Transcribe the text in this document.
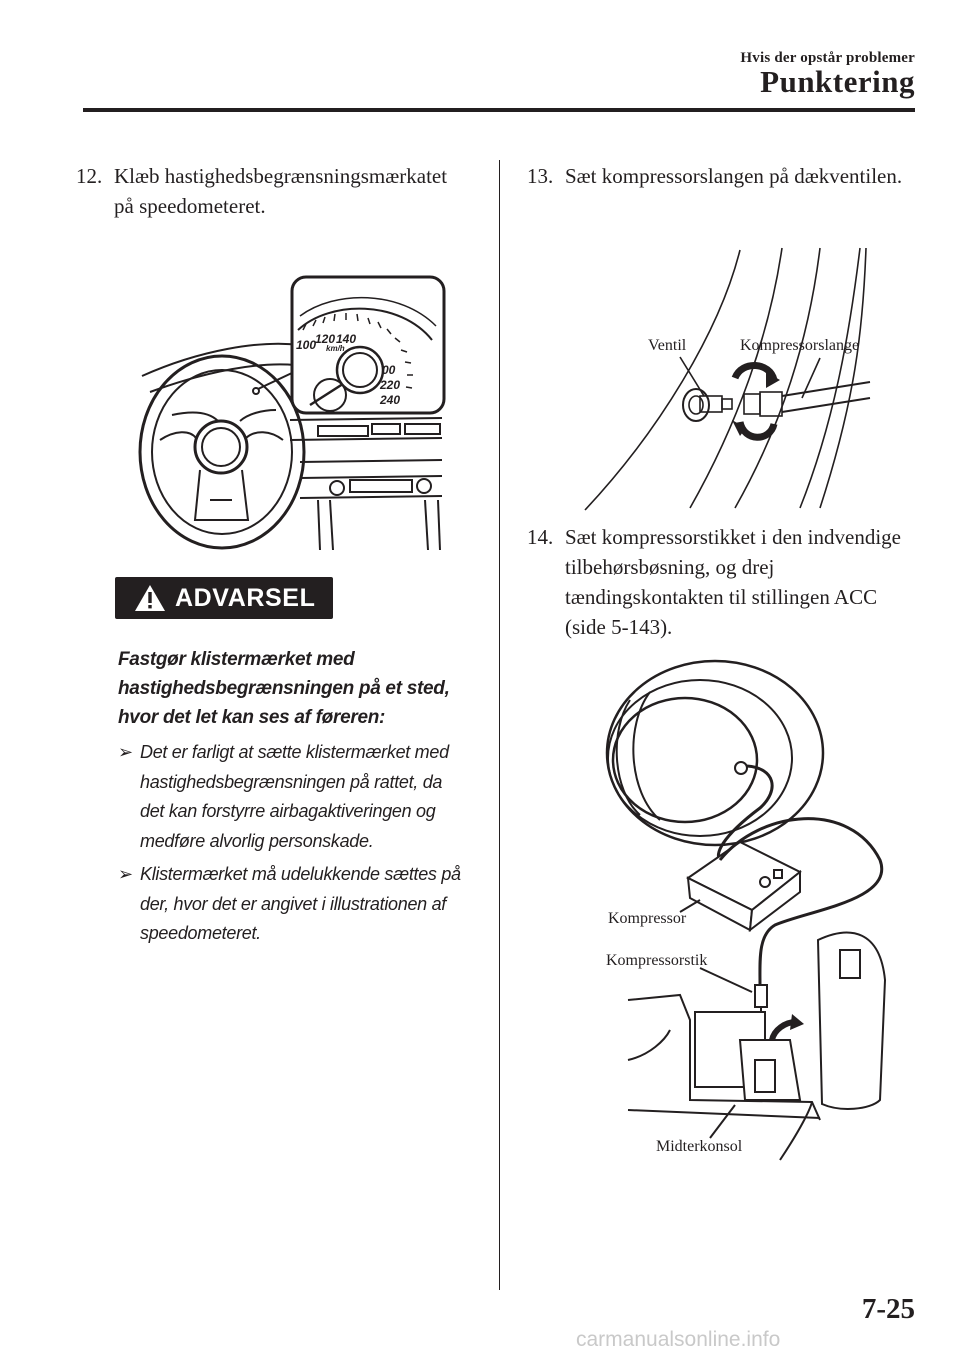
Hvis der opstår problemer
Punktering
12. Klæb hastighedsbegrænsningsmærkatet på speedometeret.
100
120 140
00
220
240
km/h
ADVARSEL
Fastgør klistermærket med hastighedsbegrænsningen på et sted, hvor det let kan ses af føreren:
➢ Det er farligt at sætte klistermærket med hastighedsbegrænsningen på rattet, da det kan forstyrre airbagaktiveringen og medføre alvorlig personskade.
➢ Klistermærket må udelukkende sættes på der, hvor det er angivet i illustrationen af speedometeret.
13. Sæt kompressorslangen på dækventilen.
Ventil	Kompressorslange
14. Sæt kompressorstikket i den indvendige tilbehørsbøsning, og drej tændingskontakten til stillingen ACC (side 5-143).
Kompressor
Kompressorstik
Midterkonsol
7-25
carmanualsonline.info
